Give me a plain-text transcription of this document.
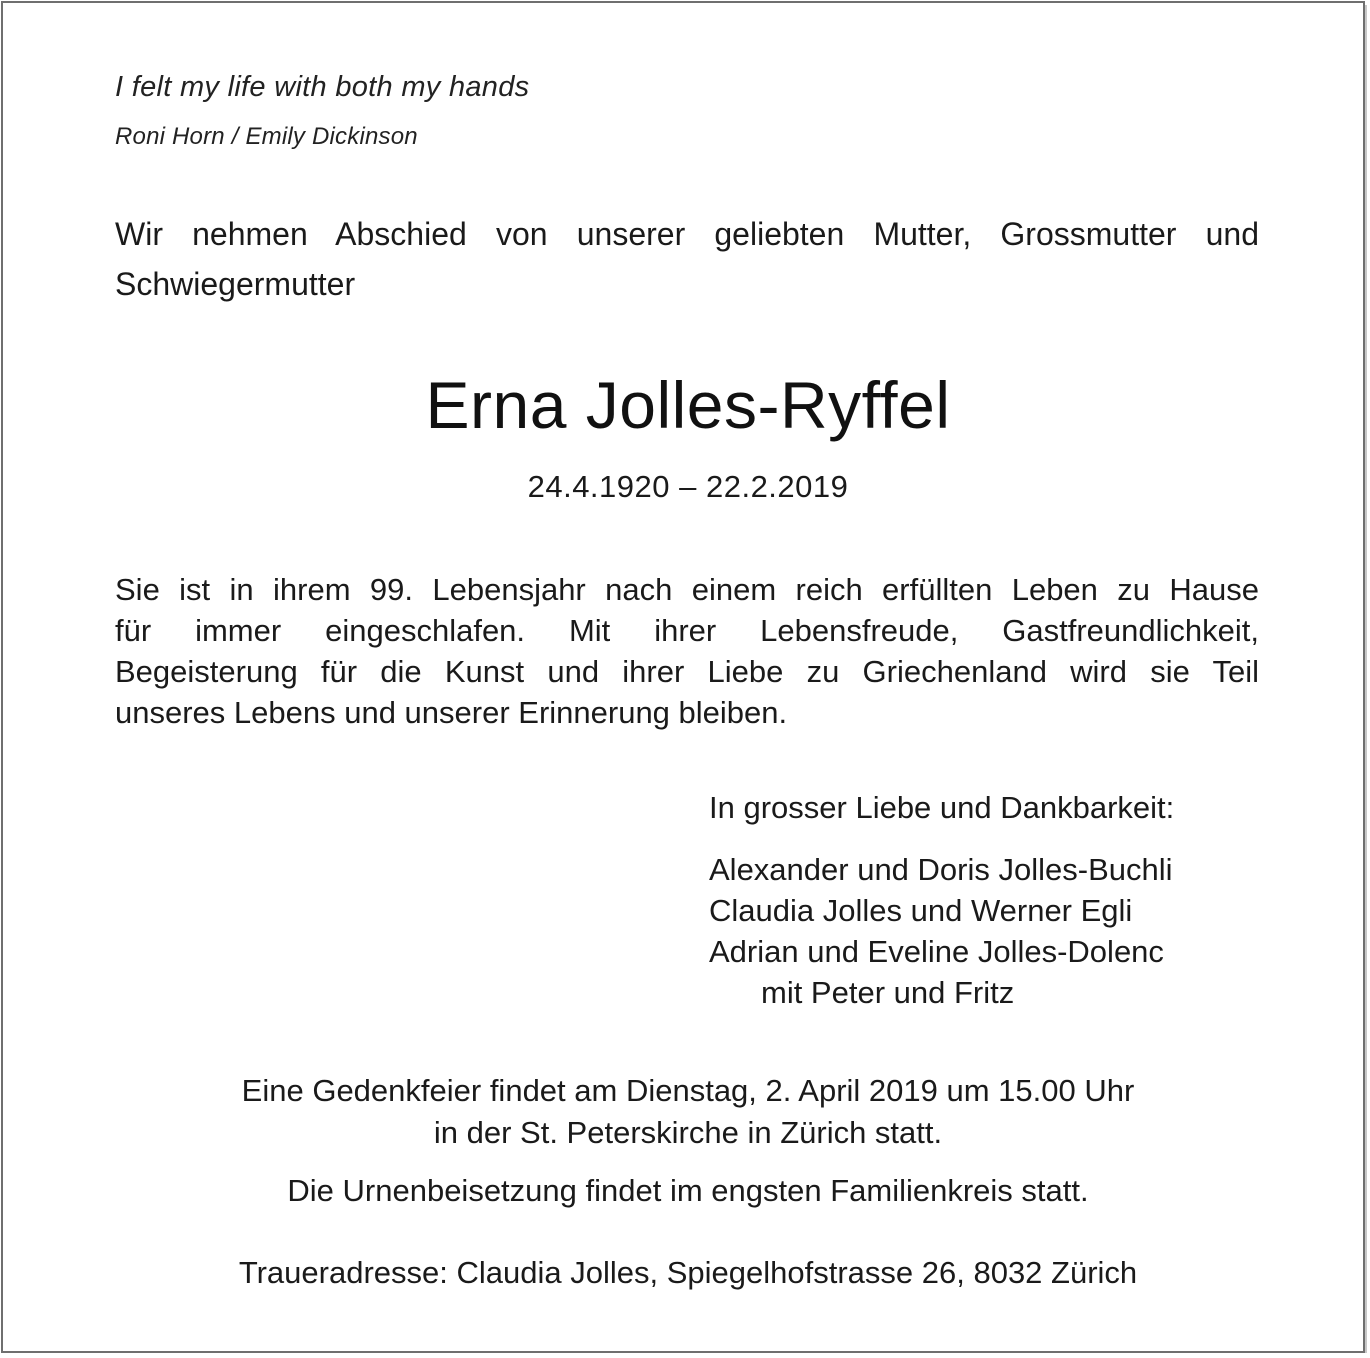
I felt my life with both my hands

Roni Horn / Emily Dickinson

Wir nehmen Abschied von unserer geliebten Mutter, Grossmutter und
Schwiegermutter
Erna Jolles-Ryffel

24.4.1920 – 22.2.2019

Sie ist in ihrem 99. Lebensjahr nach einem reich erfüllten Leben zu Hause
für immer eingeschlafen. Mit ihrer Lebensfreude, Gastfreundlichkeit,
Begeisterung für die Kunst und ihrer Liebe zu Griechenland wird sie Teil
unseres Lebens und unserer Erinnerung bleiben.

In grosser Liebe und Dankbarkeit:

Alexander und Doris Jolles-Buchli
Claudia Jolles und Werner Egli
Adrian und Eveline Jolles-Dolenc
mit Peter und Fritz
Eine Gedenkfeier findet am Dienstag, 2. April 2019 um 15.00 Uhr
in der St. Peterskirche in Zürich statt.

Die Urnenbeisetzung findet im engsten Familienkreis statt.

Traueradresse: Claudia Jolles, Spiegelhofstrasse 26, 8032 Zürich
